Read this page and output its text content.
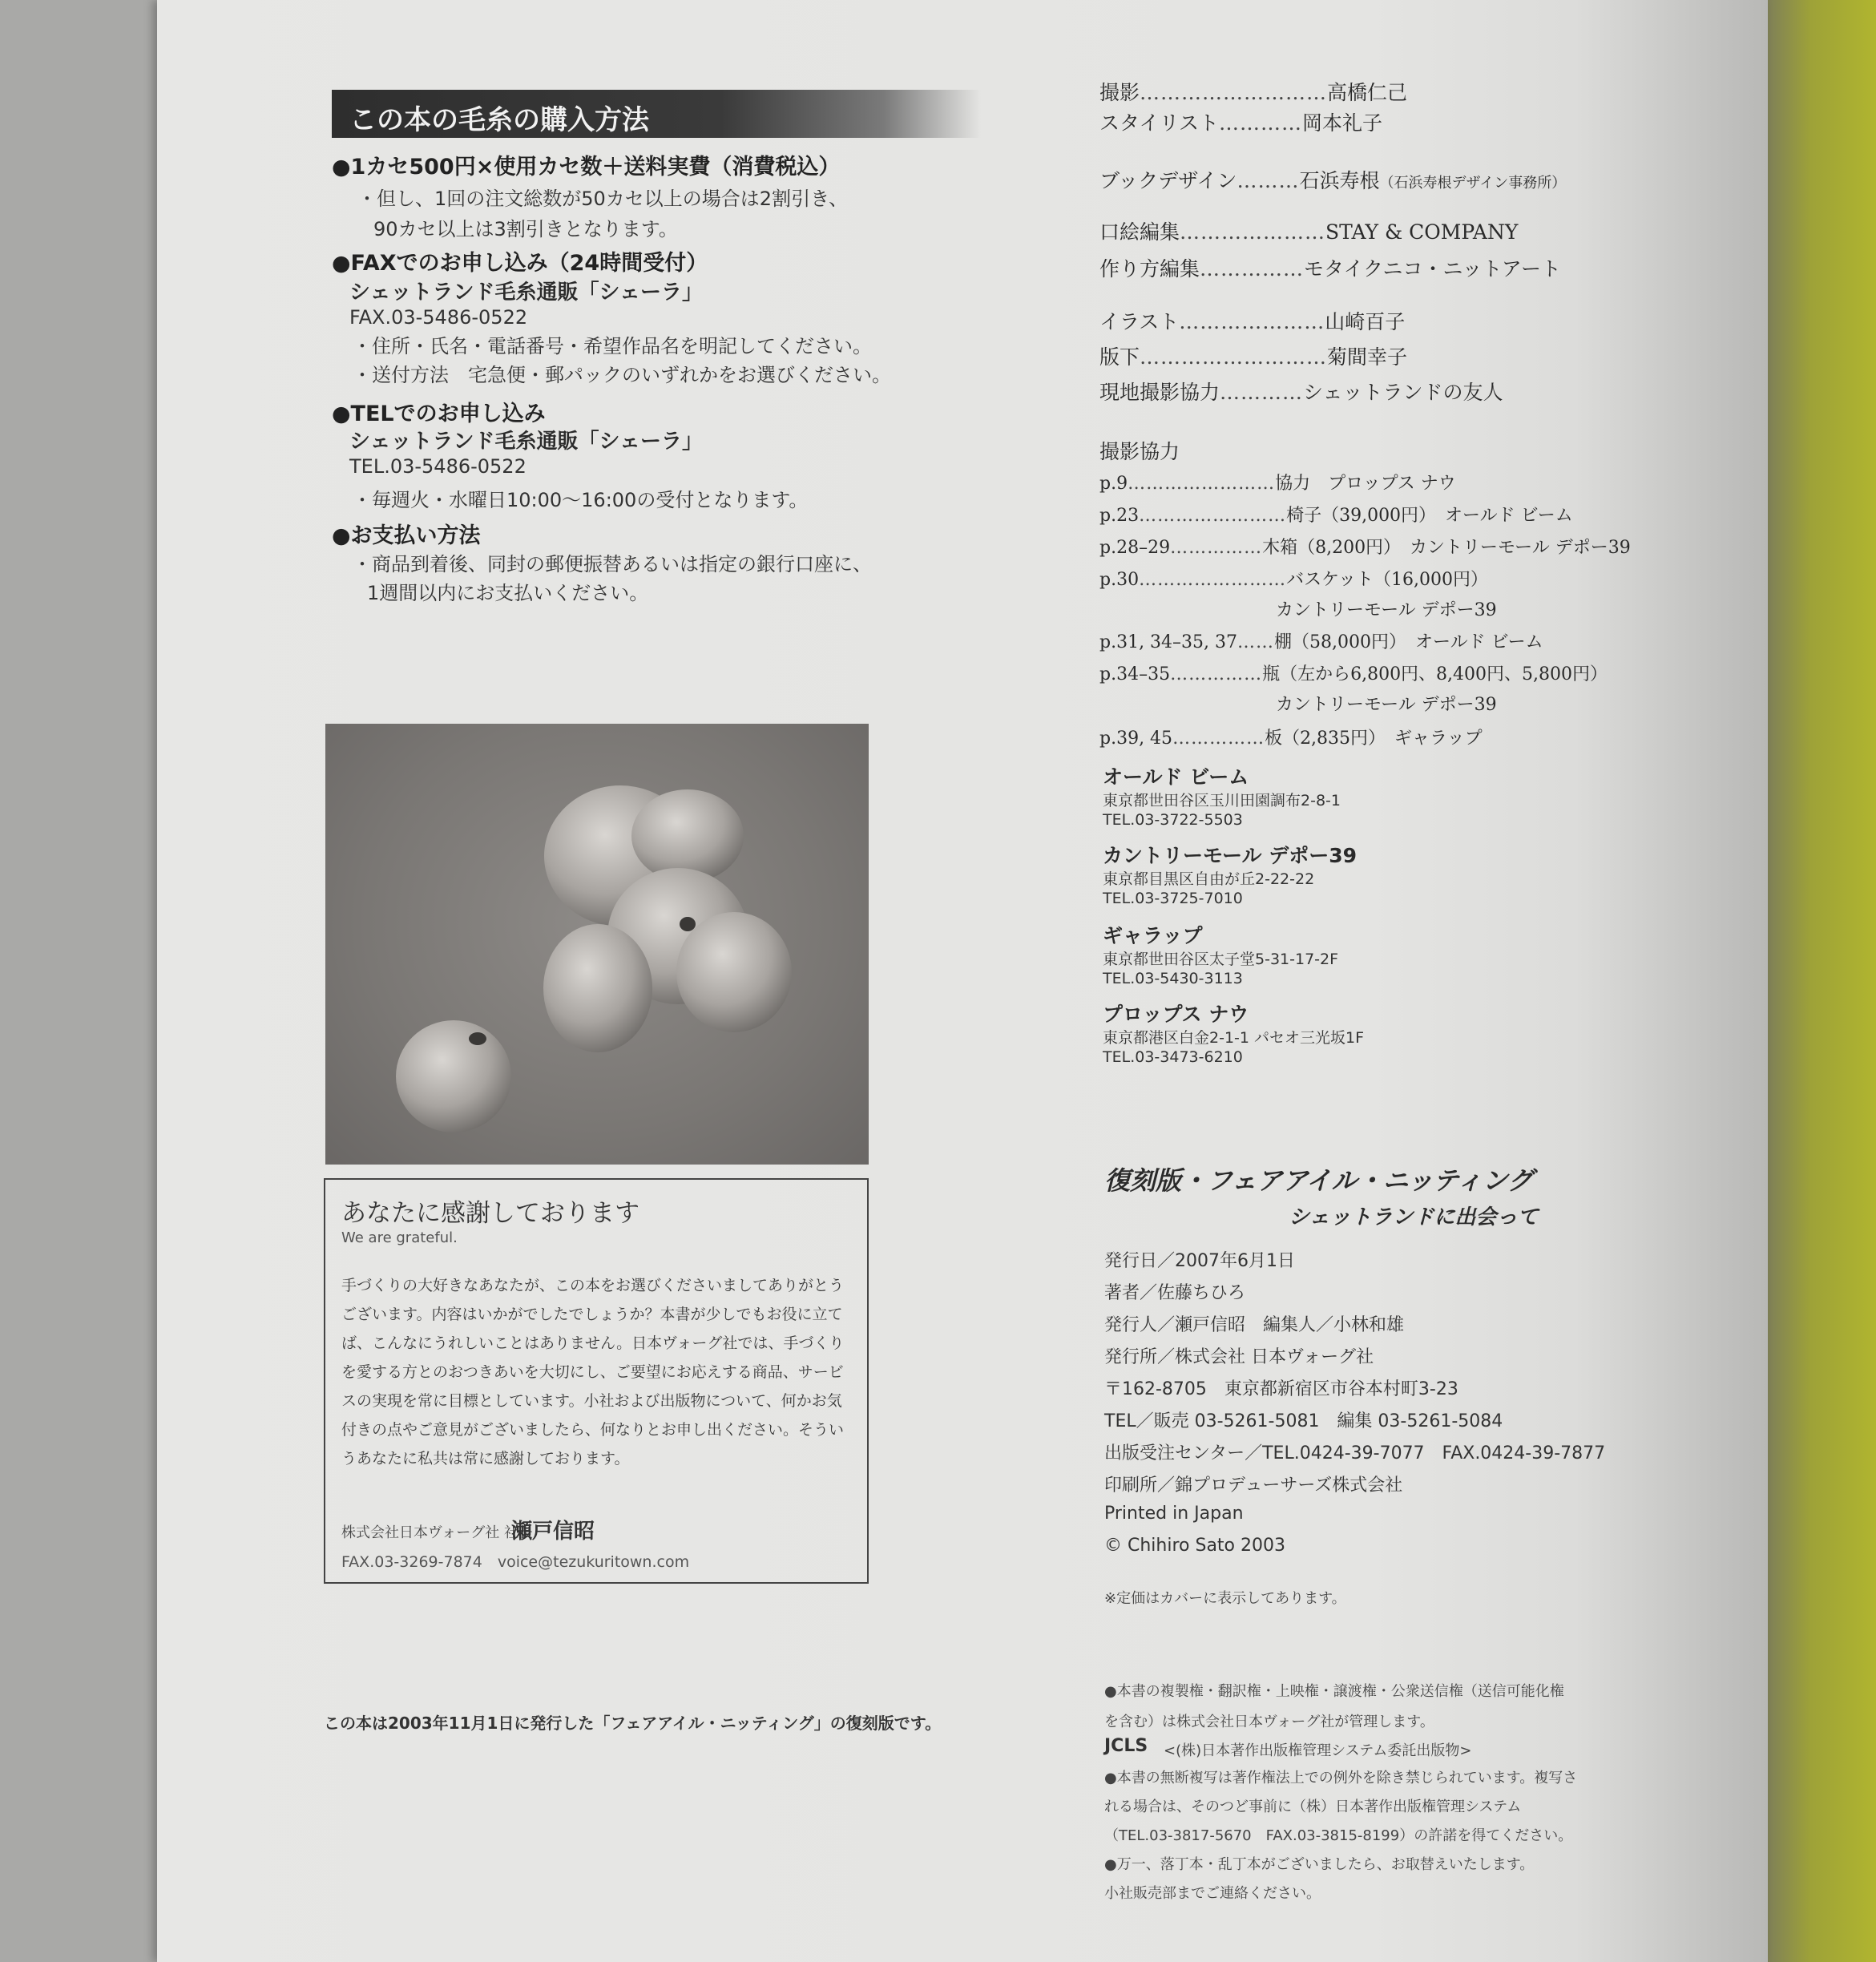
この本の毛糸の購入方法
●1カセ500円×使用カセ数＋送料実費（消費税込）
・但し、1回の注文総数が50カセ以上の場合は2割引き、
90カセ以上は3割引きとなります。
●FAXでのお申し込み（24時間受付）
シェットランド毛糸通販「シェーラ」
FAX.03-5486-0522
・住所・氏名・電話番号・希望作品名を明記してください。
・送付方法　宅急便・郵パックのいずれかをお選びください。
●TELでのお申し込み
シェットランド毛糸通販「シェーラ」
TEL.03-5486-0522
・毎週火・水曜日10:00～16:00の受付となります。
●お支払い方法
・商品到着後、同封の郵便振替あるいは指定の銀行口座に、
1週間以内にお支払いください。
あなたに感謝しております
We are grateful.
手づくりの大好きなあなたが、この本をお選びくださいましてありがとうございます。内容はいかがでしたでしょうか？本書が少しでもお役に立てば、こんなにうれしいことはありません。日本ヴォーグ社では、手づくりを愛する方とのおつきあいを大切にし、ご要望にお応えする商品、サービスの実現を常に目標としています。小社および出版物について、何かお気付きの点やご意見がございましたら、何なりとお申し出ください。そういうあなたに私共は常に感謝しております。
株式会社日本ヴォーグ社 社長
瀬戸信昭
FAX.03-3269-7874　voice@tezukuritown.com
この本は2003年11月1日に発行した「フェアアイル・ニッティング」の復刻版です。
撮影………………………高橋仁己
スタイリスト…………岡本礼子
ブックデザイン………石浜寿根（石浜寿根デザイン事務所）
口絵編集…………………STAY & COMPANY
作り方編集……………モタイクニコ・ニットアート
イラスト…………………山崎百子
版下………………………菊間幸子
現地撮影協力…………シェットランドの友人
撮影協力
p.9……………………協力　プロップス ナウ
p.23……………………椅子（39,000円）　オールド ビーム
p.28–29……………木箱（8,200円）　カントリーモール デポー39
p.30……………………バスケット（16,000円）
カントリーモール デポー39
p.31, 34–35, 37……棚（58,000円）　オールド ビーム
p.34–35……………瓶（左から6,800円、8,400円、5,800円）
カントリーモール デポー39
p.39, 45……………板（2,835円）　ギャラップ
オールド ビーム
東京都世田谷区玉川田園調布2-8-1
TEL.03-3722-5503
カントリーモール デポー39
東京都目黒区自由が丘2-22-22
TEL.03-3725-7010
ギャラップ
東京都世田谷区太子堂5-31-17-2F
TEL.03-5430-3113
プロップス ナウ
東京都港区白金2-1-1 パセオ三光坂1F
TEL.03-3473-6210
復刻版・フェアアイル・ニッティング
シェットランドに出会って
発行日／2007年6月1日
著者／佐藤ちひろ
発行人／瀬戸信昭　編集人／小林和雄
発行所／株式会社 日本ヴォーグ社
〒162-8705　東京都新宿区市谷本村町3-23
TEL／販売 03-5261-5081　編集 03-5261-5084
出版受注センター／TEL.0424-39-7077　FAX.0424-39-7877
印刷所／錦プロデューサーズ株式会社
Printed in Japan
© Chihiro Sato 2003
※定価はカバーに表示してあります。
●本書の複製権・翻訳権・上映権・譲渡権・公衆送信権（送信可能化権
を含む）は株式会社日本ヴォーグ社が管理します。
JCLS <(株)日本著作出版権管理システム委託出版物>
●本書の無断複写は著作権法上での例外を除き禁じられています。複写さ
れる場合は、そのつど事前に（株）日本著作出版権管理システム
（TEL.03-3817-5670　FAX.03-3815-8199）の許諾を得てください。
●万一、落丁本・乱丁本がございましたら、お取替えいたします。
小社販売部までご連絡ください。
